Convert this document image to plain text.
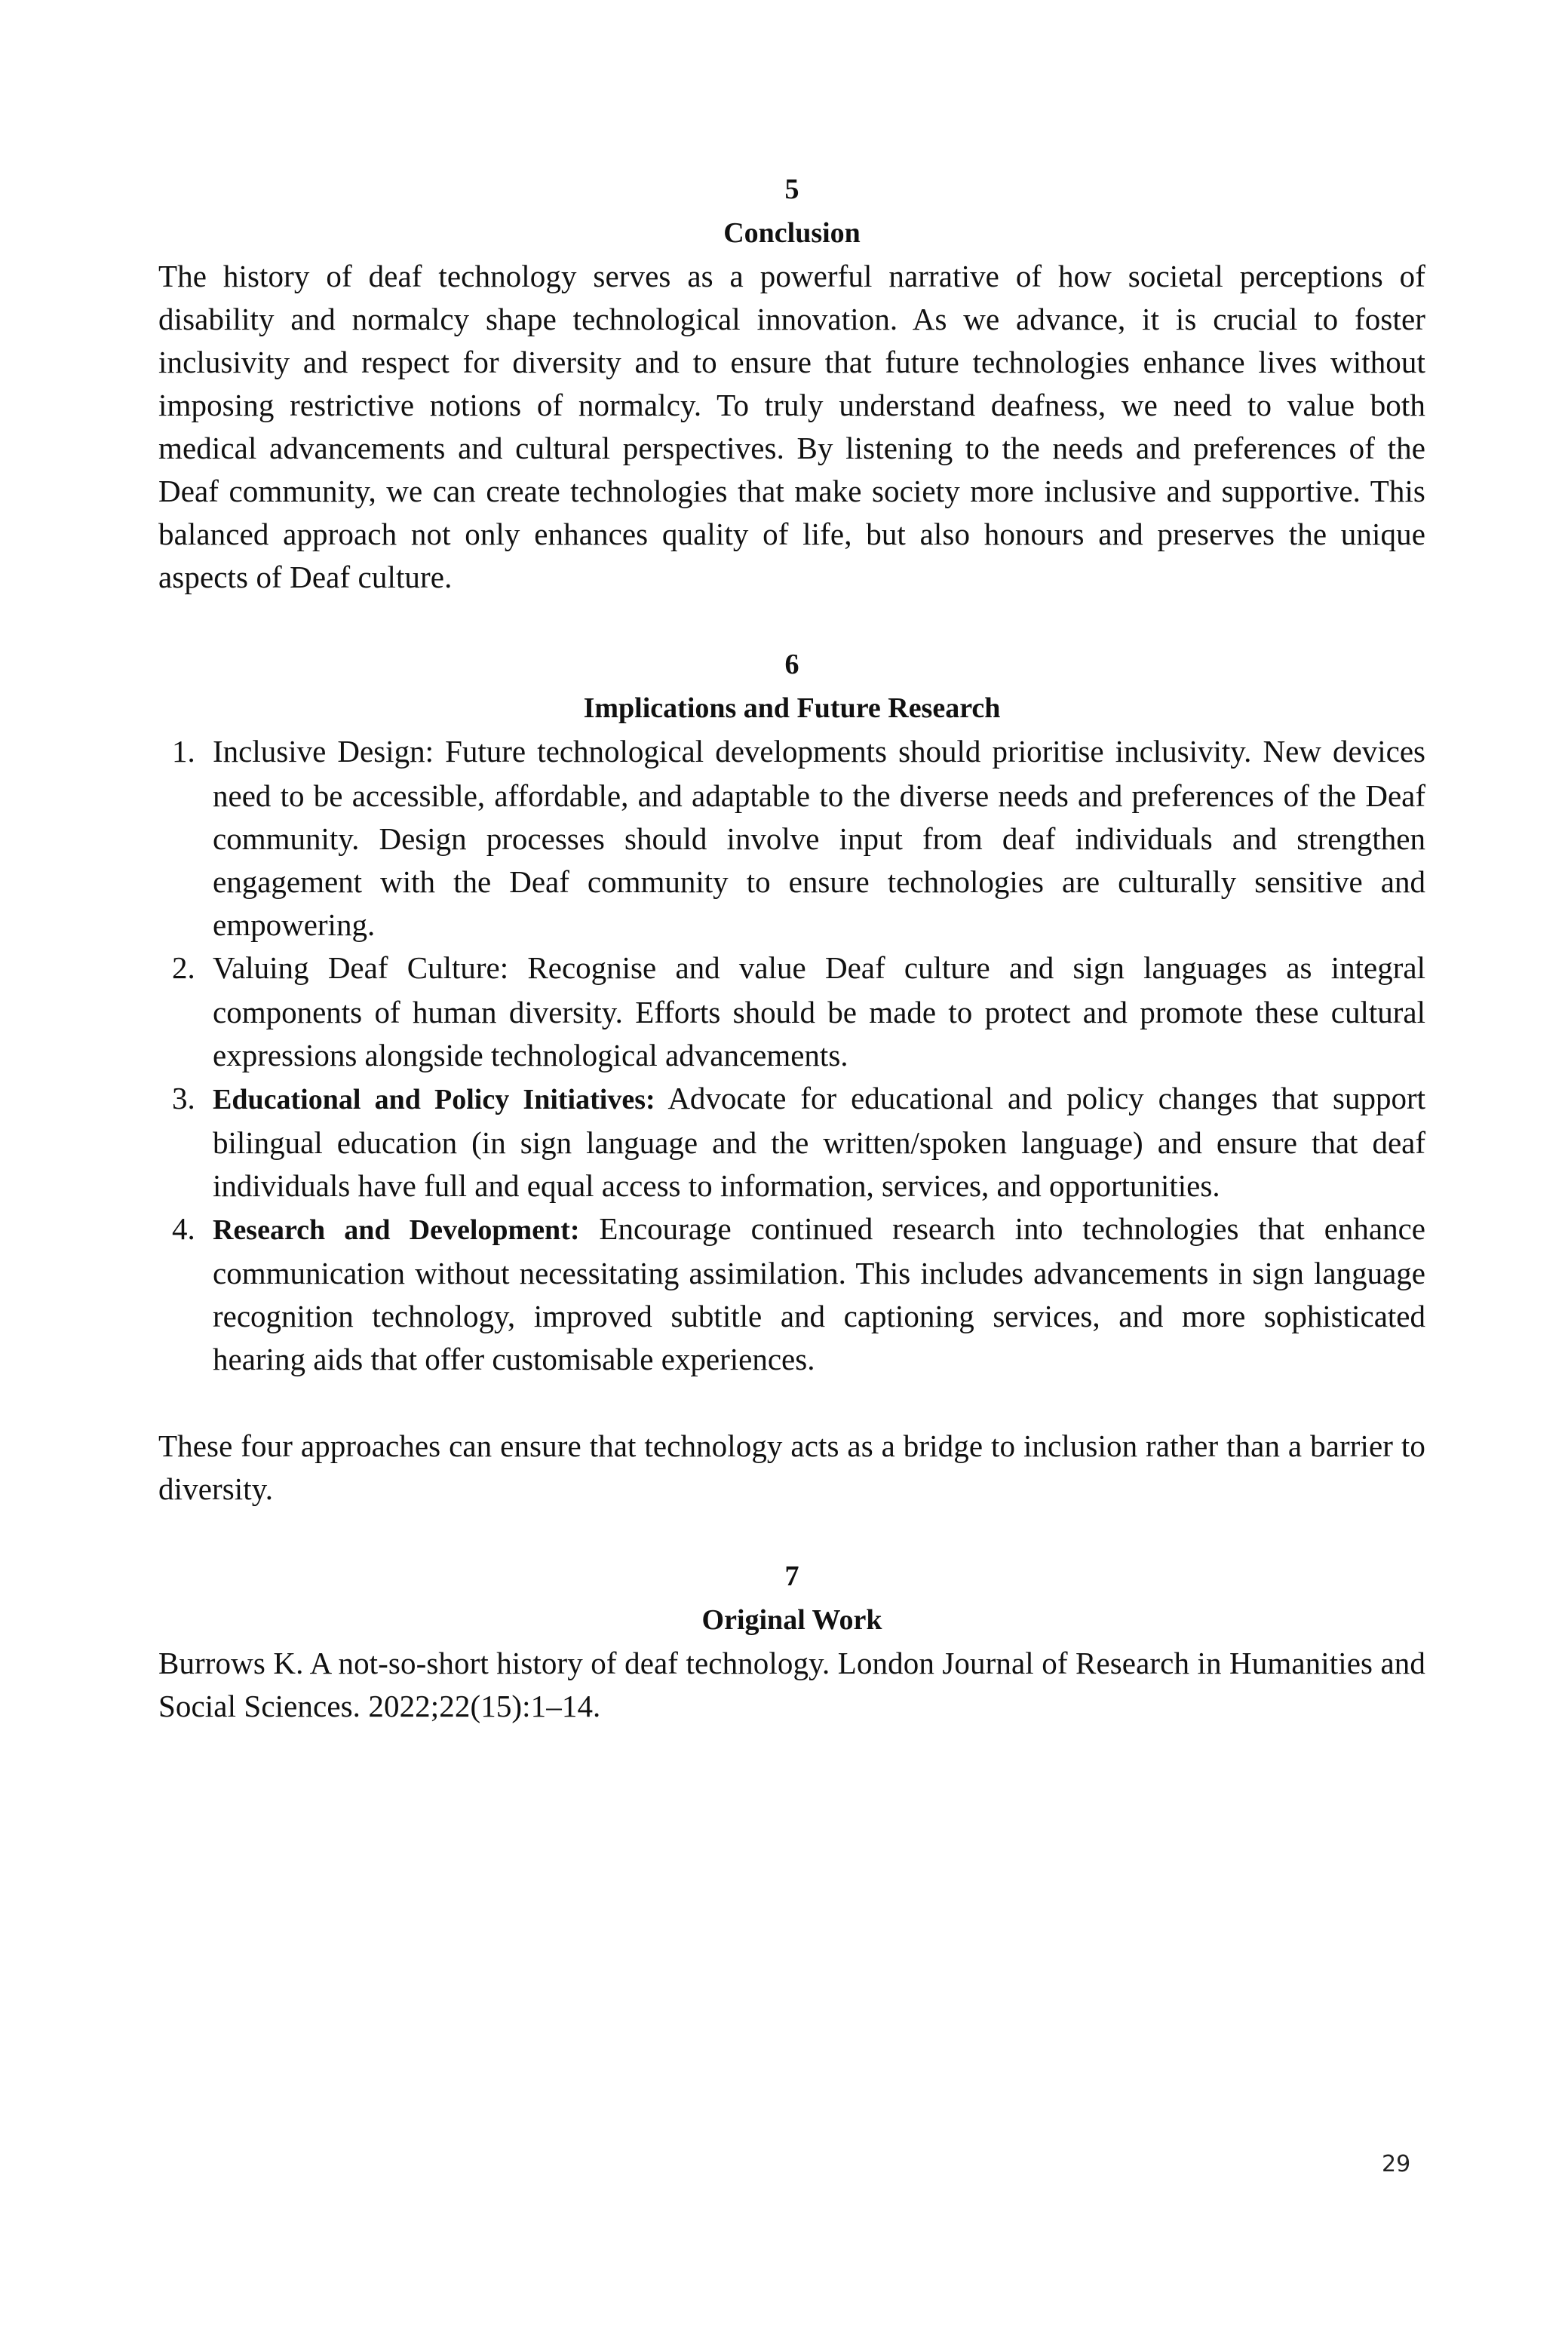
5

Conclusion

The history of deaf technology serves as a powerful narrative of how societal perceptions of disability and normalcy shape technological innovation. As we advance, it is crucial to foster inclusivity and respect for diversity and to ensure that future technologies enhance lives without imposing restrictive notions of normalcy. To truly understand deafness, we need to value both medical advancements and cultural perspectives. By listening to the needs and preferences of the Deaf community, we can create technologies that make society more inclusive and supportive. This balanced approach not only enhances quality of life, but also honours and preserves the unique aspects of Deaf culture.

6

Implications and Future Research

1. Inclusive Design: Future technological developments should prioritise inclusivity. New devices need to be accessible, affordable, and adaptable to the diverse needs and preferences of the Deaf community. Design processes should involve input from deaf individuals and strengthen engagement with the Deaf community to ensure technologies are culturally sensitive and empowering.
2. Valuing Deaf Culture: Recognise and value Deaf culture and sign languages as integral components of human diversity. Efforts should be made to protect and promote these cultural expressions alongside technological advancements.
3. Educational and Policy Initiatives: Advocate for educational and policy changes that support bilingual education (in sign language and the written/spoken language) and ensure that deaf individuals have full and equal access to information, services, and opportunities.
4. Research and Development: Encourage continued research into technologies that enhance communication without necessitating assimilation. This includes advancements in sign language recognition technology, improved subtitle and captioning services, and more sophisticated hearing aids that offer customisable experiences.

These four approaches can ensure that technology acts as a bridge to inclusion rather than a barrier to diversity.

7

Original Work

Burrows K. A not-so-short history of deaf technology. London Journal of Research in Humanities and Social Sciences. 2022;22(15):1–14.

29
